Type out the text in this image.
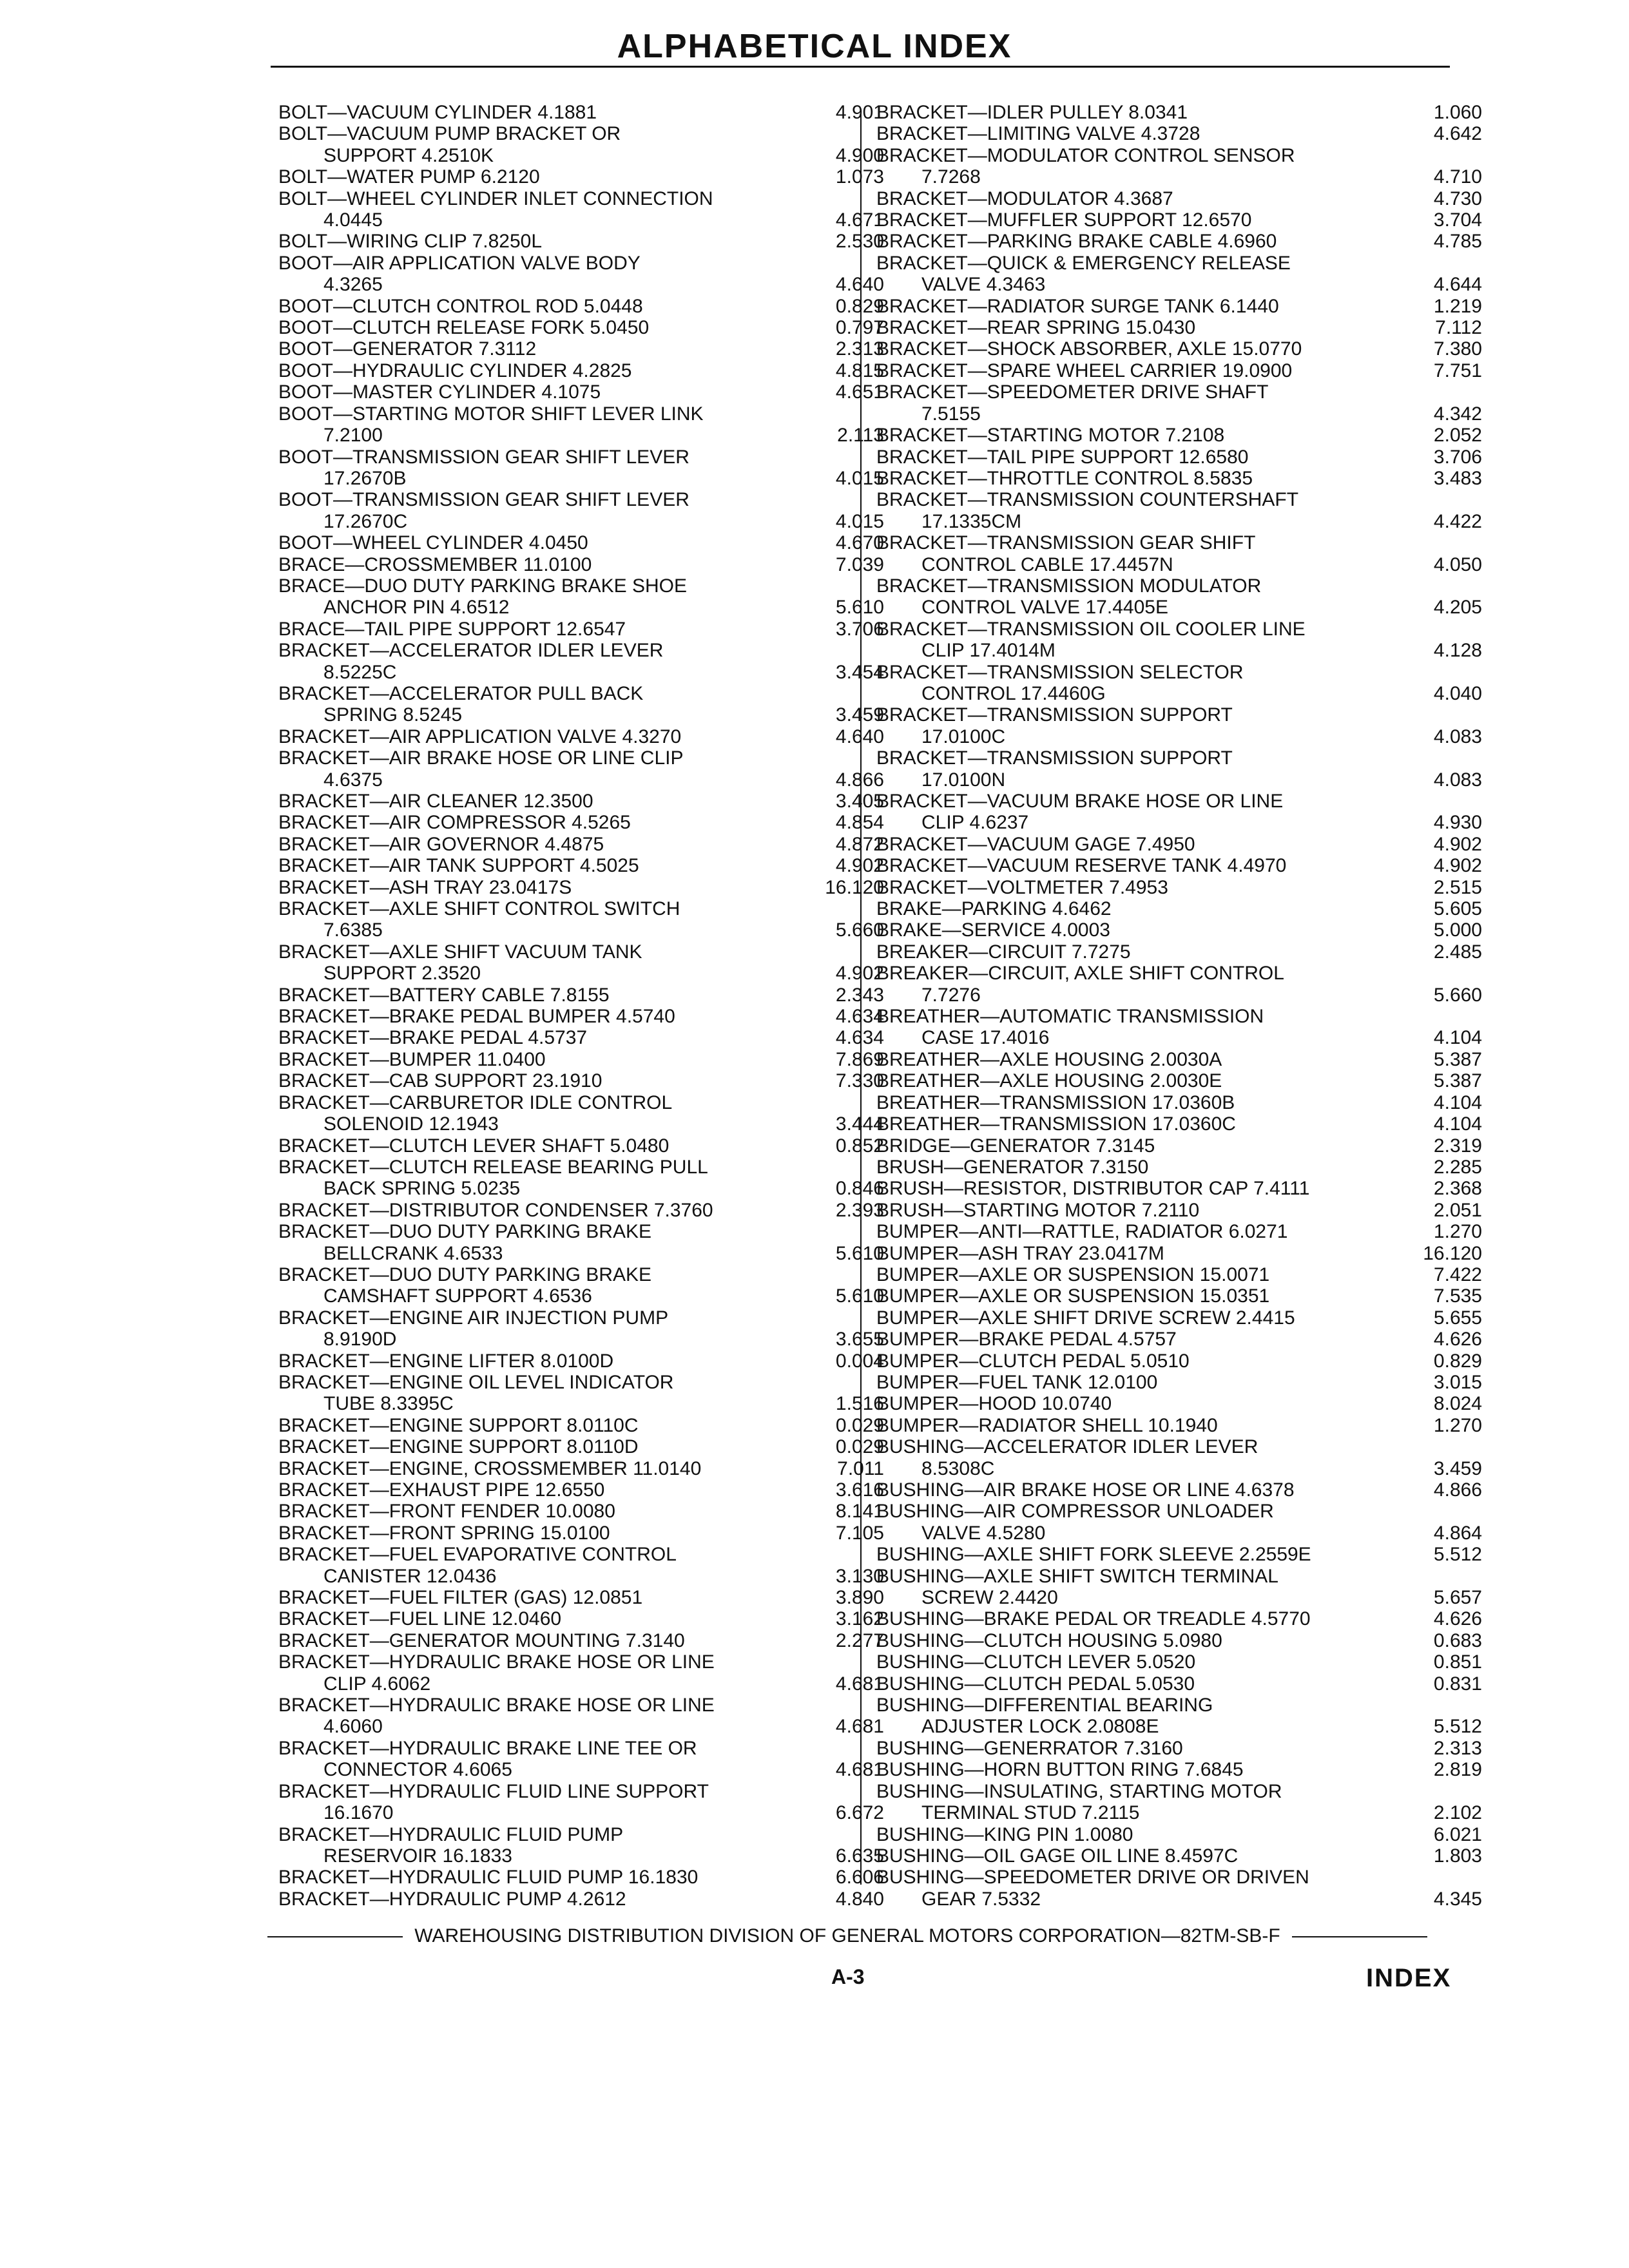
ALPHABETICAL INDEX
BOLT—VACUUM CYLINDER 4.1881	4.901
BOLT—VACUUM PUMP BRACKET OR
SUPPORT 4.2510K	4.900
BOLT—WATER PUMP 6.2120	1.073
BOLT—WHEEL CYLINDER INLET CONNECTION
4.0445	4.671
BOLT—WIRING CLIP 7.8250L	2.530
BOOT—AIR APPLICATION VALVE BODY
4.3265	4.640
BOOT—CLUTCH CONTROL ROD 5.0448	0.829
BOOT—CLUTCH RELEASE FORK 5.0450	0.797
BOOT—GENERATOR 7.3112	2.313
BOOT—HYDRAULIC CYLINDER 4.2825	4.815
BOOT—MASTER CYLINDER 4.1075	4.651
BOOT—STARTING MOTOR SHIFT LEVER LINK
7.2100	2.113
BOOT—TRANSMISSION GEAR SHIFT LEVER
17.2670B	4.015
BOOT—TRANSMISSION GEAR SHIFT LEVER
17.2670C	4.015
BOOT—WHEEL CYLINDER 4.0450	4.670
BRACE—CROSSMEMBER 11.0100	7.039
BRACE—DUO DUTY PARKING BRAKE SHOE
ANCHOR PIN 4.6512	5.610
BRACE—TAIL PIPE SUPPORT 12.6547	3.706
BRACKET—ACCELERATOR IDLER LEVER
8.5225C	3.454
BRACKET—ACCELERATOR PULL BACK
SPRING 8.5245	3.459
BRACKET—AIR APPLICATION VALVE 4.3270	4.640
BRACKET—AIR BRAKE HOSE OR LINE CLIP
4.6375	4.866
BRACKET—AIR CLEANER 12.3500	3.405
BRACKET—AIR COMPRESSOR 4.5265	4.854
BRACKET—AIR GOVERNOR 4.4875	4.872
BRACKET—AIR TANK SUPPORT 4.5025	4.902
BRACKET—ASH TRAY 23.0417S	16.120
BRACKET—AXLE SHIFT CONTROL SWITCH
7.6385	5.660
BRACKET—AXLE SHIFT VACUUM TANK
SUPPORT 2.3520	4.902
BRACKET—BATTERY CABLE 7.8155	2.343
BRACKET—BRAKE PEDAL BUMPER 4.5740	4.634
BRACKET—BRAKE PEDAL 4.5737	4.634
BRACKET—BUMPER 11.0400	7.869
BRACKET—CAB SUPPORT 23.1910	7.330
BRACKET—CARBURETOR IDLE CONTROL
SOLENOID 12.1943	3.444
BRACKET—CLUTCH LEVER SHAFT 5.0480	0.852
BRACKET—CLUTCH RELEASE BEARING PULL
BACK SPRING 5.0235	0.846
BRACKET—DISTRIBUTOR CONDENSER 7.3760	2.393
BRACKET—DUO DUTY PARKING BRAKE
BELLCRANK 4.6533	5.610
BRACKET—DUO DUTY PARKING BRAKE
CAMSHAFT SUPPORT 4.6536	5.610
BRACKET—ENGINE AIR INJECTION PUMP
8.9190D	3.655
BRACKET—ENGINE LIFTER 8.0100D	0.004
BRACKET—ENGINE OIL LEVEL INDICATOR
TUBE 8.3395C	1.516
BRACKET—ENGINE SUPPORT 8.0110C	0.029
BRACKET—ENGINE SUPPORT 8.0110D	0.029
BRACKET—ENGINE, CROSSMEMBER 11.0140	7.011
BRACKET—EXHAUST PIPE 12.6550	3.616
BRACKET—FRONT FENDER 10.0080	8.141
BRACKET—FRONT SPRING 15.0100	7.105
BRACKET—FUEL EVAPORATIVE CONTROL
CANISTER 12.0436	3.130
BRACKET—FUEL FILTER (GAS) 12.0851	3.890
BRACKET—FUEL LINE 12.0460	3.162
BRACKET—GENERATOR MOUNTING 7.3140	2.277
BRACKET—HYDRAULIC BRAKE HOSE OR LINE
CLIP 4.6062	4.681
BRACKET—HYDRAULIC BRAKE HOSE OR LINE
4.6060	4.681
BRACKET—HYDRAULIC BRAKE LINE TEE OR
CONNECTOR 4.6065	4.681
BRACKET—HYDRAULIC FLUID LINE SUPPORT
16.1670	6.672
BRACKET—HYDRAULIC FLUID PUMP
RESERVOIR 16.1833	6.635
BRACKET—HYDRAULIC FLUID PUMP 16.1830	6.606
BRACKET—HYDRAULIC PUMP 4.2612	4.840
BRACKET—IDLER PULLEY 8.0341	1.060
BRACKET—LIMITING VALVE 4.3728	4.642
BRACKET—MODULATOR CONTROL SENSOR
7.7268	4.710
BRACKET—MODULATOR 4.3687	4.730
BRACKET—MUFFLER SUPPORT 12.6570	3.704
BRACKET—PARKING BRAKE CABLE 4.6960	4.785
BRACKET—QUICK & EMERGENCY RELEASE
VALVE 4.3463	4.644
BRACKET—RADIATOR SURGE TANK 6.1440	1.219
BRACKET—REAR SPRING 15.0430	7.112
BRACKET—SHOCK ABSORBER, AXLE 15.0770	7.380
BRACKET—SPARE WHEEL CARRIER 19.0900	7.751
BRACKET—SPEEDOMETER DRIVE SHAFT
7.5155	4.342
BRACKET—STARTING MOTOR 7.2108	2.052
BRACKET—TAIL PIPE SUPPORT 12.6580	3.706
BRACKET—THROTTLE CONTROL 8.5835	3.483
BRACKET—TRANSMISSION COUNTERSHAFT
17.1335CM	4.422
BRACKET—TRANSMISSION GEAR SHIFT
CONTROL CABLE 17.4457N	4.050
BRACKET—TRANSMISSION MODULATOR
CONTROL VALVE 17.4405E	4.205
BRACKET—TRANSMISSION OIL COOLER LINE
CLIP 17.4014M	4.128
BRACKET—TRANSMISSION SELECTOR
CONTROL 17.4460G	4.040
BRACKET—TRANSMISSION SUPPORT
17.0100C	4.083
BRACKET—TRANSMISSION SUPPORT
17.0100N	4.083
BRACKET—VACUUM BRAKE HOSE OR LINE
CLIP 4.6237	4.930
BRACKET—VACUUM GAGE 7.4950	4.902
BRACKET—VACUUM RESERVE TANK 4.4970	4.902
BRACKET—VOLTMETER 7.4953	2.515
BRAKE—PARKING 4.6462	5.605
BRAKE—SERVICE 4.0003	5.000
BREAKER—CIRCUIT 7.7275	2.485
BREAKER—CIRCUIT, AXLE SHIFT CONTROL
7.7276	5.660
BREATHER—AUTOMATIC TRANSMISSION
CASE 17.4016	4.104
BREATHER—AXLE HOUSING 2.0030A	5.387
BREATHER—AXLE HOUSING 2.0030E	5.387
BREATHER—TRANSMISSION 17.0360B	4.104
BREATHER—TRANSMISSION 17.0360C	4.104
BRIDGE—GENERATOR 7.3145	2.319
BRUSH—GENERATOR 7.3150	2.285
BRUSH—RESISTOR, DISTRIBUTOR CAP 7.4111	2.368
BRUSH—STARTING MOTOR 7.2110	2.051
BUMPER—ANTI—RATTLE, RADIATOR 6.0271	1.270
BUMPER—ASH TRAY 23.0417M	16.120
BUMPER—AXLE OR SUSPENSION 15.0071	7.422
BUMPER—AXLE OR SUSPENSION 15.0351	7.535
BUMPER—AXLE SHIFT DRIVE SCREW 2.4415	5.655
BUMPER—BRAKE PEDAL 4.5757	4.626
BUMPER—CLUTCH PEDAL 5.0510	0.829
BUMPER—FUEL TANK 12.0100	3.015
BUMPER—HOOD 10.0740	8.024
BUMPER—RADIATOR SHELL 10.1940	1.270
BUSHING—ACCELERATOR IDLER LEVER
8.5308C	3.459
BUSHING—AIR BRAKE HOSE OR LINE 4.6378	4.866
BUSHING—AIR COMPRESSOR UNLOADER
VALVE 4.5280	4.864
BUSHING—AXLE SHIFT FORK SLEEVE 2.2559E	5.512
BUSHING—AXLE SHIFT SWITCH TERMINAL
SCREW 2.4420	5.657
BUSHING—BRAKE PEDAL OR TREADLE 4.5770	4.626
BUSHING—CLUTCH HOUSING 5.0980	0.683
BUSHING—CLUTCH LEVER 5.0520	0.851
BUSHING—CLUTCH PEDAL 5.0530	0.831
BUSHING—DIFFERENTIAL BEARING
ADJUSTER LOCK 2.0808E	5.512
BUSHING—GENERRATOR 7.3160	2.313
BUSHING—HORN BUTTON RING 7.6845	2.819
BUSHING—INSULATING, STARTING MOTOR
TERMINAL STUD 7.2115	2.102
BUSHING—KING PIN 1.0080	6.021
BUSHING—OIL GAGE OIL LINE 8.4597C	1.803
BUSHING—SPEEDOMETER DRIVE OR DRIVEN
GEAR 7.5332	4.345
WAREHOUSING DISTRIBUTION DIVISION OF GENERAL MOTORS CORPORATION—82TM-SB-F
A-3	INDEX
